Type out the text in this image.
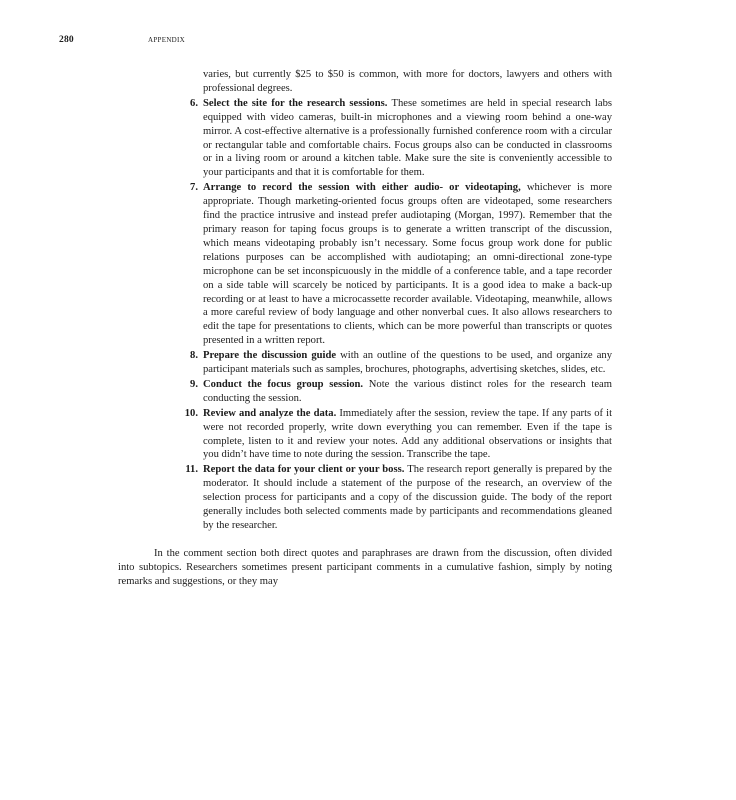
280	APPENDIX

varies, but currently $25 to $50 is common, with more for doctors, lawyers and others with professional degrees.

6. Select the site for the research sessions. These sometimes are held in special research labs equipped with video cameras, built-in microphones and a viewing room behind a one-way mirror. A cost-effective alternative is a professionally furnished conference room with a circular or rectangular table and comfortable chairs. Focus groups also can be conducted in classrooms or in a living room or around a kitchen table. Make sure the site is conveniently accessible to your participants and that it is comfortable for them.
7. Arrange to record the session with either audio- or videotaping, whichever is more appropriate. Though marketing-oriented focus groups often are videotaped, some researchers find the practice intrusive and instead prefer audiotaping (Morgan, 1997). Remember that the primary reason for taping focus groups is to generate a written transcript of the discussion, which means videotaping probably isn’t necessary. Some focus group work done for public relations purposes can be accomplished with audiotaping; an omni-directional zone-type microphone can be set inconspicuously in the middle of a conference table, and a tape recorder on a side table will scarcely be noticed by participants. It is a good idea to make a back-up recording or at least to have a microcassette recorder available. Videotaping, meanwhile, allows a more careful review of body language and other nonverbal cues. It also allows researchers to edit the tape for presentations to clients, which can be more powerful than transcripts or quotes presented in a written report.
8. Prepare the discussion guide with an outline of the questions to be used, and organize any participant materials such as samples, brochures, photographs, advertising sketches, slides, etc.
9. Conduct the focus group session. Note the various distinct roles for the research team conducting the session.
10. Review and analyze the data. Immediately after the session, review the tape. If any parts of it were not recorded properly, write down everything you can remember. Even if the tape is complete, listen to it and review your notes. Add any additional observations or insights that you didn’t have time to note during the session. Transcribe the tape.
11. Report the data for your client or your boss. The research report generally is prepared by the moderator. It should include a statement of the purpose of the research, an overview of the selection process for participants and a copy of the discussion guide. The body of the report generally includes both selected comments made by participants and recommendations gleaned by the researcher.

In the comment section both direct quotes and paraphrases are drawn from the discussion, often divided into subtopics. Researchers sometimes present participant comments in a cumulative fashion, simply by noting remarks and suggestions, or they may
